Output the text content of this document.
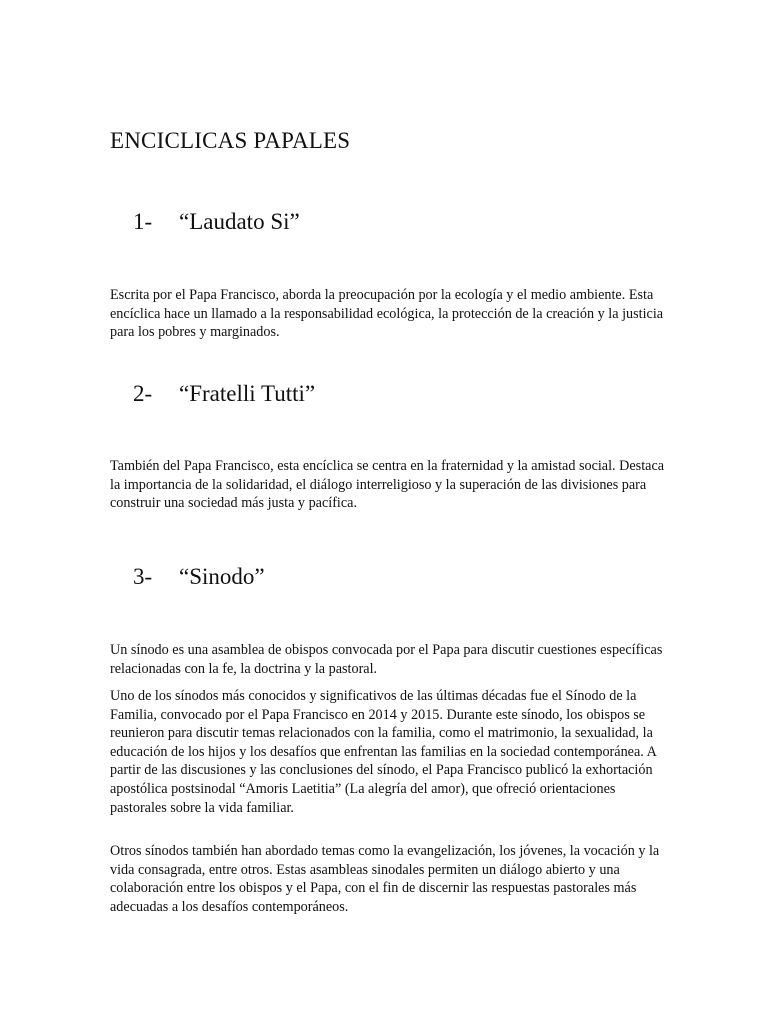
ENCICLICAS PAPALES
1- “Laudato Si”

Escrita por el Papa Francisco, aborda la preocupación por la ecología y el medio ambiente. Esta encíclica hace un llamado a la responsabilidad ecológica, la protección de la creación y la justicia para los pobres y marginados.

2- “Fratelli Tutti”

También del Papa Francisco, esta encíclica se centra en la fraternidad y la amistad social. Destaca la importancia de la solidaridad, el diálogo interreligioso y la superación de las divisiones para construir una sociedad más justa y pacífica.

3- “Sinodo”

Un sínodo es una asamblea de obispos convocada por el Papa para discutir cuestiones específicas relacionadas con la fe, la doctrina y la pastoral.

Uno de los sínodos más conocidos y significativos de las últimas décadas fue el Sínodo de la Familia, convocado por el Papa Francisco en 2014 y 2015. Durante este sínodo, los obispos se reunieron para discutir temas relacionados con la familia, como el matrimonio, la sexualidad, la educación de los hijos y los desafíos que enfrentan las familias en la sociedad contemporánea. A partir de las discusiones y las conclusiones del sínodo, el Papa Francisco publicó la exhortación apostólica postsinodal “Amoris Laetitia” (La alegría del amor), que ofreció orientaciones pastorales sobre la vida familiar.

Otros sínodos también han abordado temas como la evangelización, los jóvenes, la vocación y la vida consagrada, entre otros. Estas asambleas sinodales permiten un diálogo abierto y una colaboración entre los obispos y el Papa, con el fin de discernir las respuestas pastorales más adecuadas a los desafíos contemporáneos.
